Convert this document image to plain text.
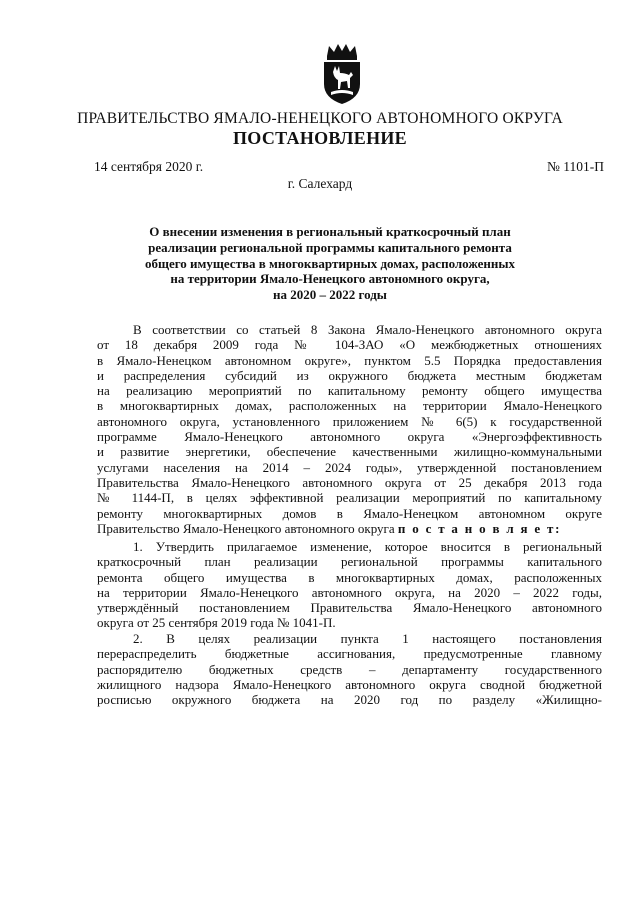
ПРАВИТЕЛЬСТВО ЯМАЛО-НЕНЕЦКОГО АВТОНОМНОГО ОКРУГА
ПОСТАНОВЛЕНИЕ
14 сентября 2020 г.	№ 1101-П
г. Салехард
О внесении изменения в региональный краткосрочный план
реализации региональной программы капитального ремонта
общего имущества в многоквартирных домах, расположенных
на территории Ямало-Ненецкого автономного округа,
на 2020 – 2022 годы
В соответствии со статьей 8 Закона Ямало-Ненецкого автономного округа
от 18 декабря 2009 года № 104-ЗАО «О межбюджетных отношениях
в Ямало-Ненецком автономном округе», пунктом 5.5 Порядка предоставления
и распределения субсидий из окружного бюджета местным бюджетам
на реализацию мероприятий по капитальному ремонту общего имущества
в многоквартирных домах, расположенных на территории Ямало-Ненецкого
автономного округа, установленного приложением № 6(5) к государственной
программе Ямало-Ненецкого автономного округа «Энергоэффективность
и развитие энергетики, обеспечение качественными жилищно-коммунальными
услугами населения на 2014 – 2024 годы», утвержденной постановлением
Правительства Ямало-Ненецкого автономного округа от 25 декабря 2013 года
№ 1144-П, в целях эффективной реализации мероприятий по капитальному
ремонту многоквартирных домов в Ямало-Ненецком автономном округе
Правительство Ямало-Ненецкого автономного округа п о с т а н о в л я е т:
1. Утвердить прилагаемое изменение, которое вносится в региональный
краткосрочный план реализации региональной программы капитального
ремонта общего имущества в многоквартирных домах, расположенных
на территории Ямало-Ненецкого автономного округа, на 2020 – 2022 годы,
утверждённый постановлением Правительства Ямало-Ненецкого автономного
округа от 25 сентября 2019 года № 1041-П.
2. В целях реализации пункта 1 настоящего постановления
перераспределить бюджетные ассигнования, предусмотренные главному
распорядителю бюджетных средств – департаменту государственного
жилищного надзора Ямало-Ненецкого автономного округа сводной бюджетной
росписью окружного бюджета на 2020 год по разделу «Жилищно-
